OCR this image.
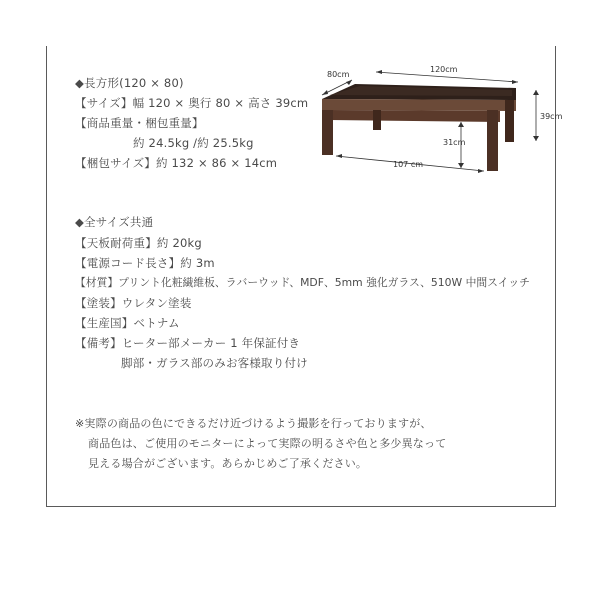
80cm
120cm
39cm
31cm
107 cm
◆長方形(120 × 80)
【サイズ】幅 120 × 奥行 80 × 高さ 39cm
【商品重量・梱包重量】
約 24.5kg /約 25.5kg
【梱包サイズ】約 132 × 86 × 14cm
◆全サイズ共通
【天板耐荷重】約 20kg
【電源コード長さ】約 3m
【材質】プリント化粧繊維板、ラバーウッド、MDF、5mm 強化ガラス、510W 中間スイッチ
【塗装】ウレタン塗装
【生産国】ベトナム
【備考】ヒーター部メーカー 1 年保証付き
脚部・ガラス部のみお客様取り付け
※実際の商品の色にできるだけ近づけるよう撮影を行っておりますが、
商品色は、ご使用のモニターによって実際の明るさや色と多少異なって
見える場合がございます。あらかじめご了承ください。
